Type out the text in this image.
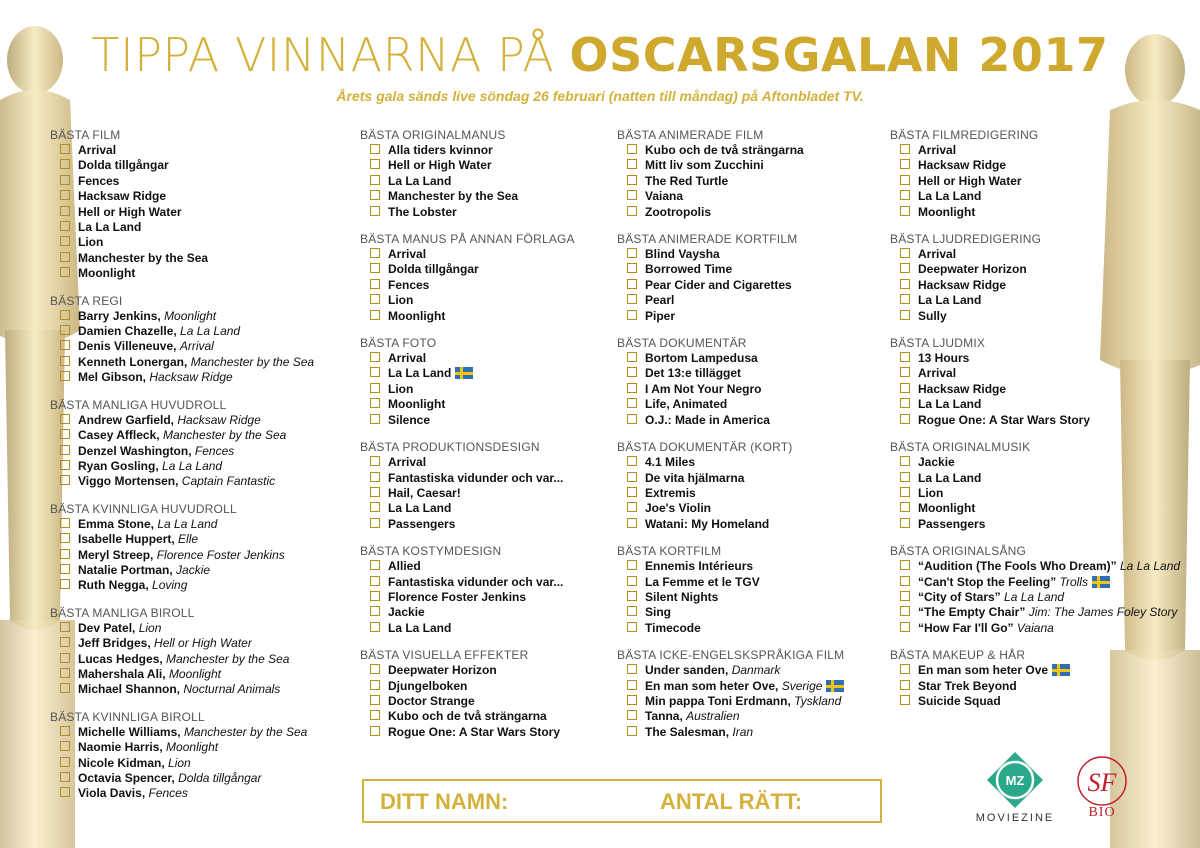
TIPPA VINNARNA PÅ OSCARSGALAN 2017
Årets gala sänds live söndag 26 februari (natten till måndag) på Aftonbladet TV.
BÄSTA FILM
Arrival
Dolda tillgångar
Fences
Hacksaw Ridge
Hell or High Water
La La Land
Lion
Manchester by the Sea
Moonlight
BÄSTA REGI
Barry Jenkins, Moonlight
Damien Chazelle, La La Land
Denis Villeneuve, Arrival
Kenneth Lonergan, Manchester by the Sea
Mel Gibson, Hacksaw Ridge
BÄSTA MANLIGA HUVUDROLL
Andrew Garfield, Hacksaw Ridge
Casey Affleck, Manchester by the Sea
Denzel Washington, Fences
Ryan Gosling, La La Land
Viggo Mortensen, Captain Fantastic
BÄSTA KVINNLIGA HUVUDROLL
Emma Stone, La La Land
Isabelle Huppert, Elle
Meryl Streep, Florence Foster Jenkins
Natalie Portman, Jackie
Ruth Negga, Loving
BÄSTA MANLIGA BIROLL
Dev Patel, Lion
Jeff Bridges, Hell or High Water
Lucas Hedges, Manchester by the Sea
Mahershala Ali, Moonlight
Michael Shannon, Nocturnal Animals
BÄSTA KVINNLIGA BIROLL
Michelle Williams, Manchester by the Sea
Naomie Harris, Moonlight
Nicole Kidman, Lion
Octavia Spencer, Dolda tillgångar
Viola Davis, Fences
BÄSTA ORIGINALMANUS
Alla tiders kvinnor
Hell or High Water
La La Land
Manchester by the Sea
The Lobster
BÄSTA MANUS PÅ ANNAN FÖRLAGA
Arrival
Dolda tillgångar
Fences
Lion
Moonlight
BÄSTA FOTO
Arrival
La La Land
Lion
Moonlight
Silence
BÄSTA PRODUKTIONSDESIGN
Arrival
Fantastiska vidunder och var...
Hail, Caesar!
La La Land
Passengers
BÄSTA KOSTYMDESIGN
Allied
Fantastiska vidunder och var...
Florence Foster Jenkins
Jackie
La La Land
BÄSTA VISUELLA EFFEKTER
Deepwater Horizon
Djungelboken
Doctor Strange
Kubo och de två strängarna
Rogue One: A Star Wars Story
BÄSTA ANIMERADE FILM
Kubo och de två strängarna
Mitt liv som Zucchini
The Red Turtle
Vaiana
Zootropolis
BÄSTA ANIMERADE KORTFILM
Blind Vaysha
Borrowed Time
Pear Cider and Cigarettes
Pearl
Piper
BÄSTA DOKUMENTÄR
Bortom Lampedusa
Det 13:e tillägget
I Am Not Your Negro
Life, Animated
O.J.: Made in America
BÄSTA DOKUMENTÄR (KORT)
4.1 Miles
De vita hjälmarna
Extremis
Joe's Violin
Watani: My Homeland
BÄSTA KORTFILM
Ennemis Intérieurs
La Femme et le TGV
Silent Nights
Sing
Timecode
BÄSTA ICKE-ENGELSKSPRÅKIGA FILM
Under sanden, Danmark
En man som heter Ove, Sverige
Min pappa Toni Erdmann, Tyskland
Tanna, Australien
The Salesman, Iran
BÄSTA FILMREDIGERING
Arrival
Hacksaw Ridge
Hell or High Water
La La Land
Moonlight
BÄSTA LJUDREDIGERING
Arrival
Deepwater Horizon
Hacksaw Ridge
La La Land
Sully
BÄSTA LJUDMIX
13 Hours
Arrival
Hacksaw Ridge
La La Land
Rogue One: A Star Wars Story
BÄSTA ORIGINALMUSIK
Jackie
La La Land
Lion
Moonlight
Passengers
BÄSTA ORIGINALSÅNG
“Audition (The Fools Who Dream)” La La Land
“Can't Stop the Feeling” Trolls
“City of Stars” La La Land
“The Empty Chair” Jim: The James Foley Story
“How Far I'll Go” Vaiana
BÄSTA MAKEUP & HÅR
En man som heter Ove
Star Trek Beyond
Suicide Squad
DITT NAMN:	ANTAL RÄTT:
MZ
MOVIEZINE
SF
BIO
